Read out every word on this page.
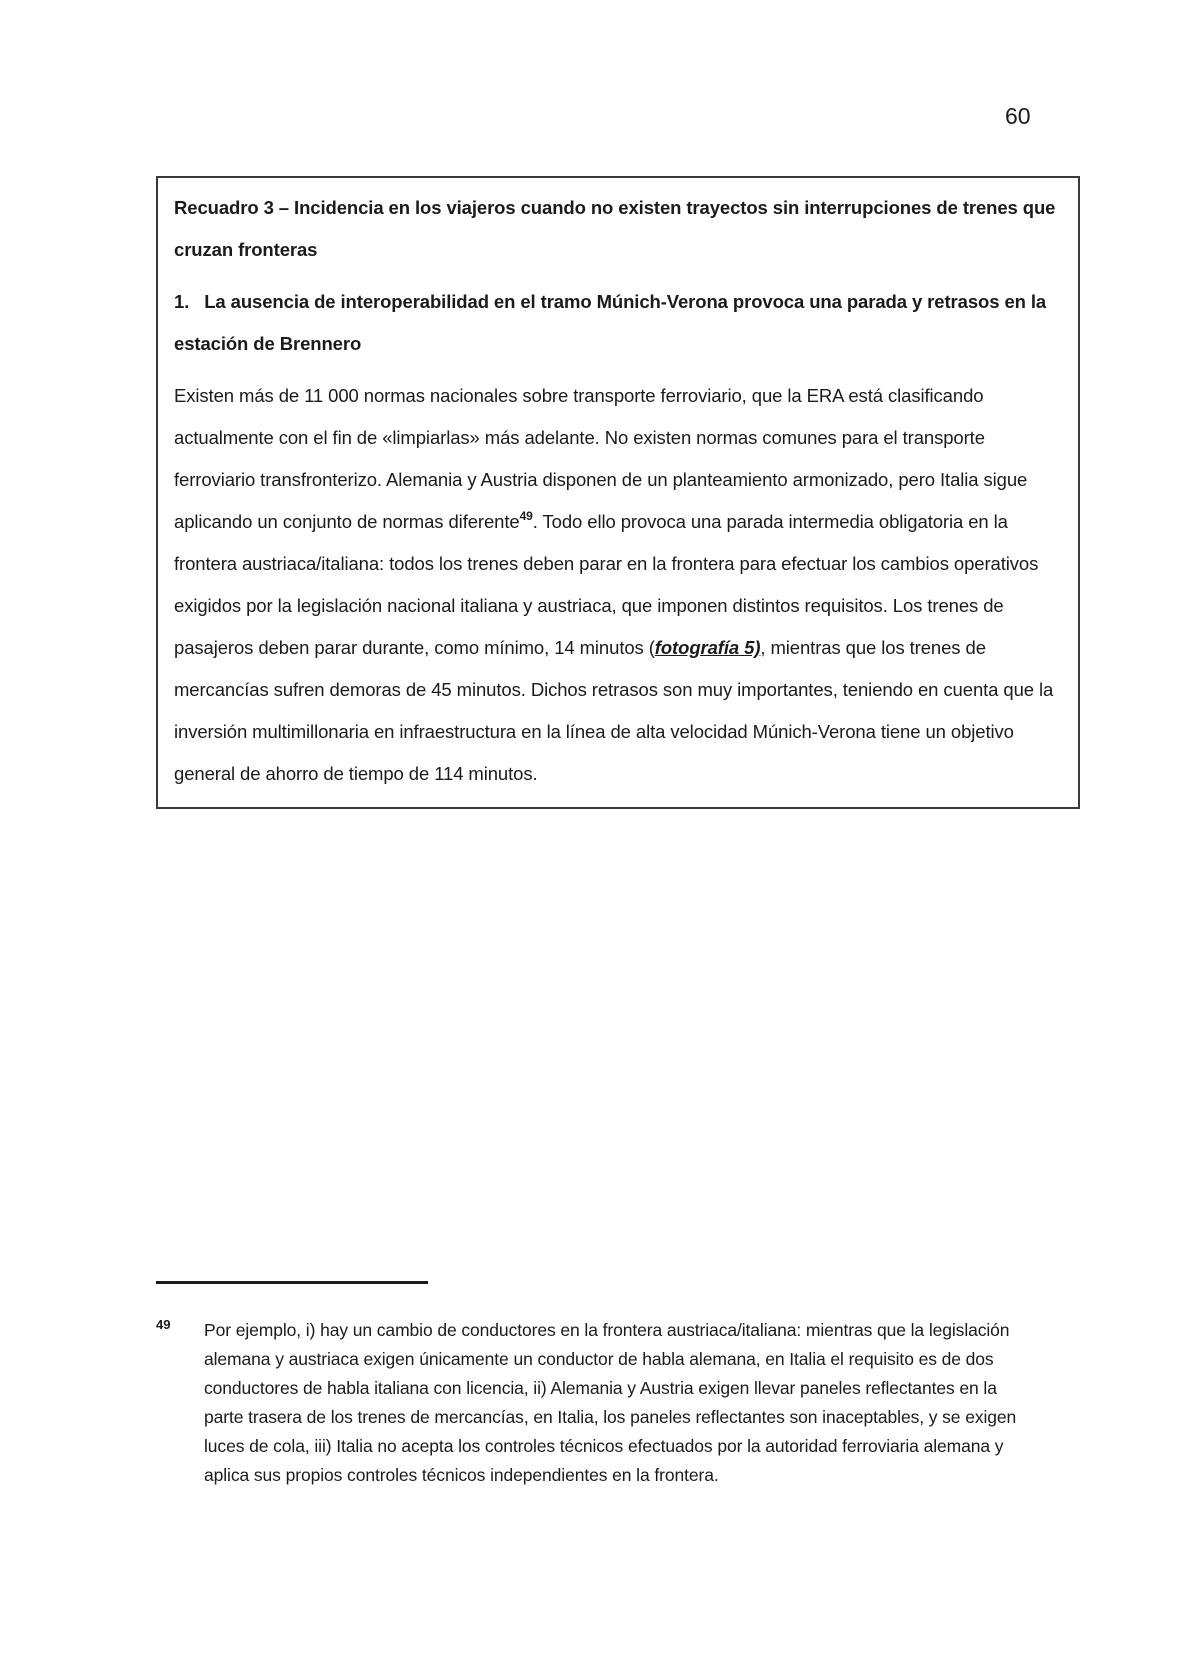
60

Recuadro 3 – Incidencia en los viajeros cuando no existen trayectos sin interrupciones de trenes que cruzan fronteras

1. La ausencia de interoperabilidad en el tramo Múnich-Verona provoca una parada y retrasos en la estación de Brennero

Existen más de 11 000 normas nacionales sobre transporte ferroviario, que la ERA está clasificando actualmente con el fin de «limpiarlas» más adelante. No existen normas comunes para el transporte ferroviario transfronterizo. Alemania y Austria disponen de un planteamiento armonizado, pero Italia sigue aplicando un conjunto de normas diferente$^{49}$. Todo ello provoca una parada intermedia obligatoria en la frontera austriaca/italiana: todos los trenes deben parar en la frontera para efectuar los cambios operativos exigidos por la legislación nacional italiana y austriaca, que imponen distintos requisitos. Los trenes de pasajeros deben parar durante, como mínimo, 14 minutos (fotografía 5), mientras que los trenes de mercancías sufren demoras de 45 minutos. Dichos retrasos son muy importantes, teniendo en cuenta que la inversión multimillonaria en infraestructura en la línea de alta velocidad Múnich-Verona tiene un objetivo general de ahorro de tiempo de 114 minutos.

49	Por ejemplo, i) hay un cambio de conductores en la frontera austriaca/italiana: mientras que la legislación alemana y austriaca exigen únicamente un conductor de habla alemana, en Italia el requisito es de dos conductores de habla italiana con licencia, ii) Alemania y Austria exigen llevar paneles reflectantes en la parte trasera de los trenes de mercancías, en Italia, los paneles reflectantes son inaceptables, y se exigen luces de cola, iii) Italia no acepta los controles técnicos efectuados por la autoridad ferroviaria alemana y aplica sus propios controles técnicos independientes en la frontera.
